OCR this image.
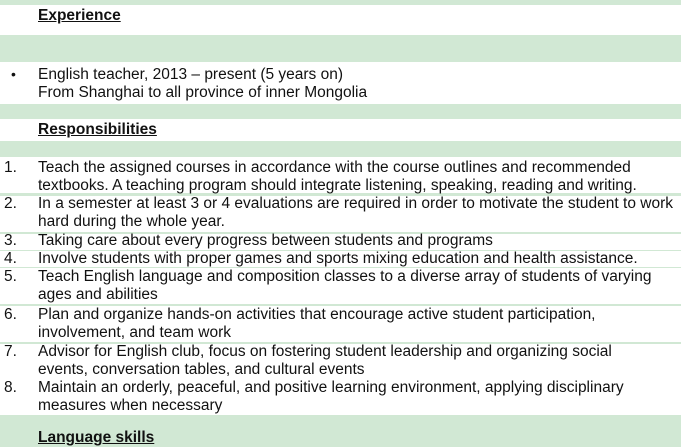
Experience
• English teacher, 2013 – present (5 years on)
From Shanghai to all province of inner Mongolia
Responsibilities
1. Teach the assigned courses in accordance with the course outlines and recommended
textbooks. A teaching program should integrate listening, speaking, reading and writing.
2. In a semester at least 3 or 4 evaluations are required in order to motivate the student to work
hard during the whole year.
3. Taking care about every progress between students and programs
4. Involve students with proper games and sports mixing education and health assistance.
5. Teach English language and composition classes to a diverse array of students of varying
ages and abilities
6. Plan and organize hands-on activities that encourage active student participation,
involvement, and team work
7. Advisor for English club, focus on fostering student leadership and organizing social
events, conversation tables, and cultural events
8. Maintain an orderly, peaceful, and positive learning environment, applying disciplinary
measures when necessary
Language skills
